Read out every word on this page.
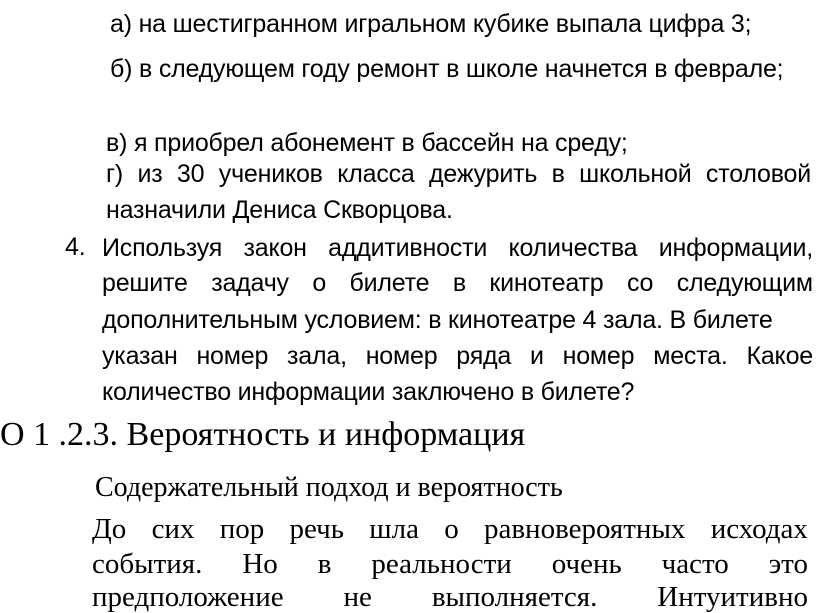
а) на шестигранном игральном кубике выпала цифра 3;
б) в следующем году ремонт в школе начнется в феврале;
в) я приобрел абонемент в бассейн на среду;
г) из 30 учеников класса дежурить в школьной столовой
назначили Дениса Скворцова.
4. Используя закон аддитивности количества информации,
решите задачу о билете в кинотеатр со следующим
дополнительным условием: в кинотеатре 4 зала. В билете
указан номер зала, номер ряда и номер места. Какое
количество информации заключено в билете?
О 1 .2.3. Вероятность и информация
Содержательный подход и вероятность
До сих пор речь шла о равновероятных исходах
события. Но в реальности очень часто это
предположение не выполняется. Интуитивно
